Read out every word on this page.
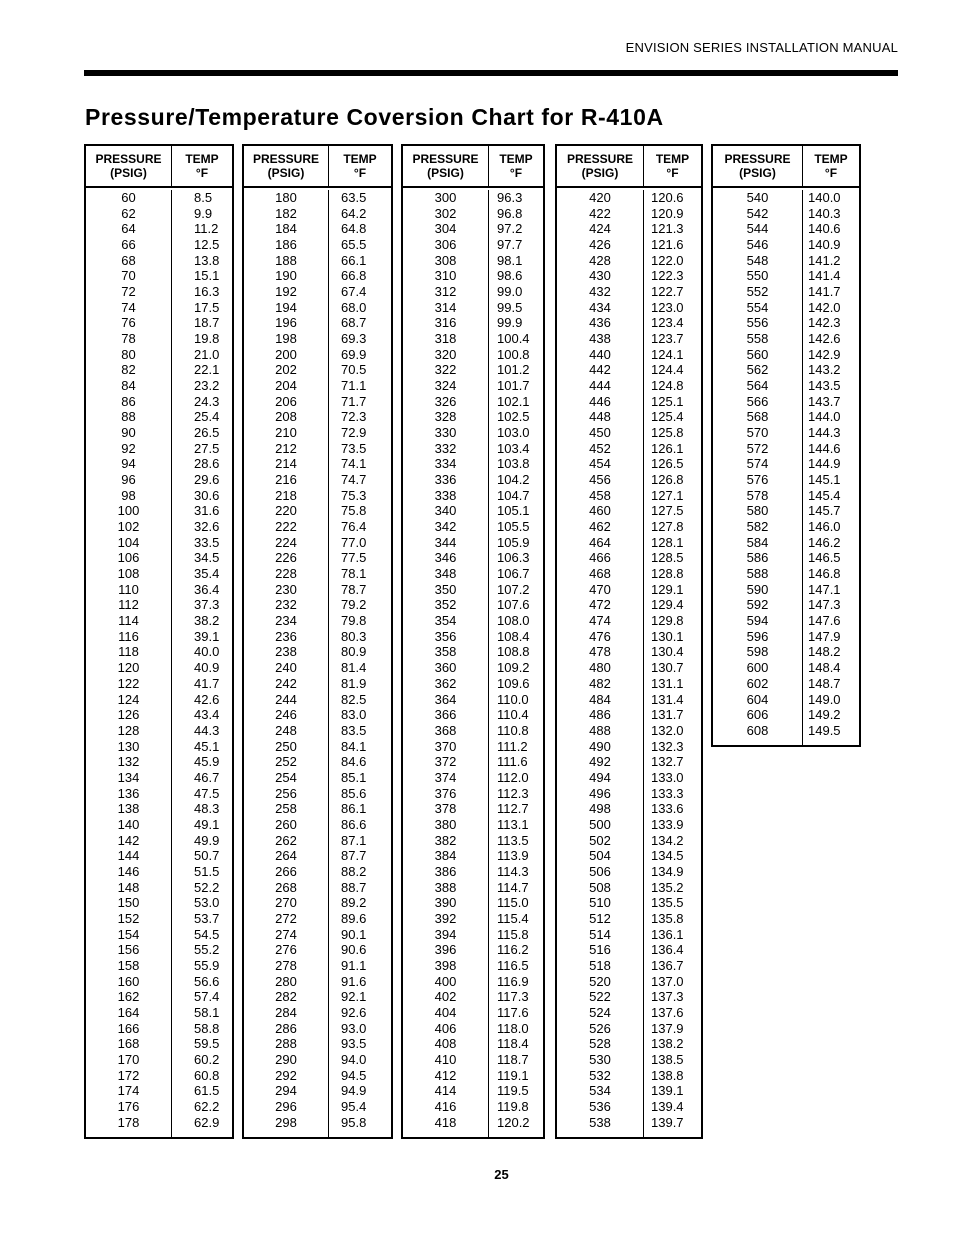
ENVISION SERIES INSTALLATION MANUAL
Pressure/Temperature Coversion Chart for R-410A
PRESSURE
(PSIG)
TEMP
°F
60
62
64
66
68
70
72
74
76
78
80
82
84
86
88
90
92
94
96
98
100
102
104
106
108
110
112
114
116
118
120
122
124
126
128
130
132
134
136
138
140
142
144
146
148
150
152
154
156
158
160
162
164
166
168
170
172
174
176
178
8.5
9.9
11.2
12.5
13.8
15.1
16.3
17.5
18.7
19.8
21.0
22.1
23.2
24.3
25.4
26.5
27.5
28.6
29.6
30.6
31.6
32.6
33.5
34.5
35.4
36.4
37.3
38.2
39.1
40.0
40.9
41.7
42.6
43.4
44.3
45.1
45.9
46.7
47.5
48.3
49.1
49.9
50.7
51.5
52.2
53.0
53.7
54.5
55.2
55.9
56.6
57.4
58.1
58.8
59.5
60.2
60.8
61.5
62.2
62.9
PRESSURE
(PSIG)
TEMP
°F
180
182
184
186
188
190
192
194
196
198
200
202
204
206
208
210
212
214
216
218
220
222
224
226
228
230
232
234
236
238
240
242
244
246
248
250
252
254
256
258
260
262
264
266
268
270
272
274
276
278
280
282
284
286
288
290
292
294
296
298
63.5
64.2
64.8
65.5
66.1
66.8
67.4
68.0
68.7
69.3
69.9
70.5
71.1
71.7
72.3
72.9
73.5
74.1
74.7
75.3
75.8
76.4
77.0
77.5
78.1
78.7
79.2
79.8
80.3
80.9
81.4
81.9
82.5
83.0
83.5
84.1
84.6
85.1
85.6
86.1
86.6
87.1
87.7
88.2
88.7
89.2
89.6
90.1
90.6
91.1
91.6
92.1
92.6
93.0
93.5
94.0
94.5
94.9
95.4
95.8
PRESSURE
(PSIG)
TEMP
°F
300
302
304
306
308
310
312
314
316
318
320
322
324
326
328
330
332
334
336
338
340
342
344
346
348
350
352
354
356
358
360
362
364
366
368
370
372
374
376
378
380
382
384
386
388
390
392
394
396
398
400
402
404
406
408
410
412
414
416
418
96.3
96.8
97.2
97.7
98.1
98.6
99.0
99.5
99.9
100.4
100.8
101.2
101.7
102.1
102.5
103.0
103.4
103.8
104.2
104.7
105.1
105.5
105.9
106.3
106.7
107.2
107.6
108.0
108.4
108.8
109.2
109.6
110.0
110.4
110.8
111.2
111.6
112.0
112.3
112.7
113.1
113.5
113.9
114.3
114.7
115.0
115.4
115.8
116.2
116.5
116.9
117.3
117.6
118.0
118.4
118.7
119.1
119.5
119.8
120.2
PRESSURE
(PSIG)
TEMP
°F
420
422
424
426
428
430
432
434
436
438
440
442
444
446
448
450
452
454
456
458
460
462
464
466
468
470
472
474
476
478
480
482
484
486
488
490
492
494
496
498
500
502
504
506
508
510
512
514
516
518
520
522
524
526
528
530
532
534
536
538
120.6
120.9
121.3
121.6
122.0
122.3
122.7
123.0
123.4
123.7
124.1
124.4
124.8
125.1
125.4
125.8
126.1
126.5
126.8
127.1
127.5
127.8
128.1
128.5
128.8
129.1
129.4
129.8
130.1
130.4
130.7
131.1
131.4
131.7
132.0
132.3
132.7
133.0
133.3
133.6
133.9
134.2
134.5
134.9
135.2
135.5
135.8
136.1
136.4
136.7
137.0
137.3
137.6
137.9
138.2
138.5
138.8
139.1
139.4
139.7
PRESSURE
(PSIG)
TEMP
°F
540
542
544
546
548
550
552
554
556
558
560
562
564
566
568
570
572
574
576
578
580
582
584
586
588
590
592
594
596
598
600
602
604
606
608
140.0
140.3
140.6
140.9
141.2
141.4
141.7
142.0
142.3
142.6
142.9
143.2
143.5
143.7
144.0
144.3
144.6
144.9
145.1
145.4
145.7
146.0
146.2
146.5
146.8
147.1
147.3
147.6
147.9
148.2
148.4
148.7
149.0
149.2
149.5
25
